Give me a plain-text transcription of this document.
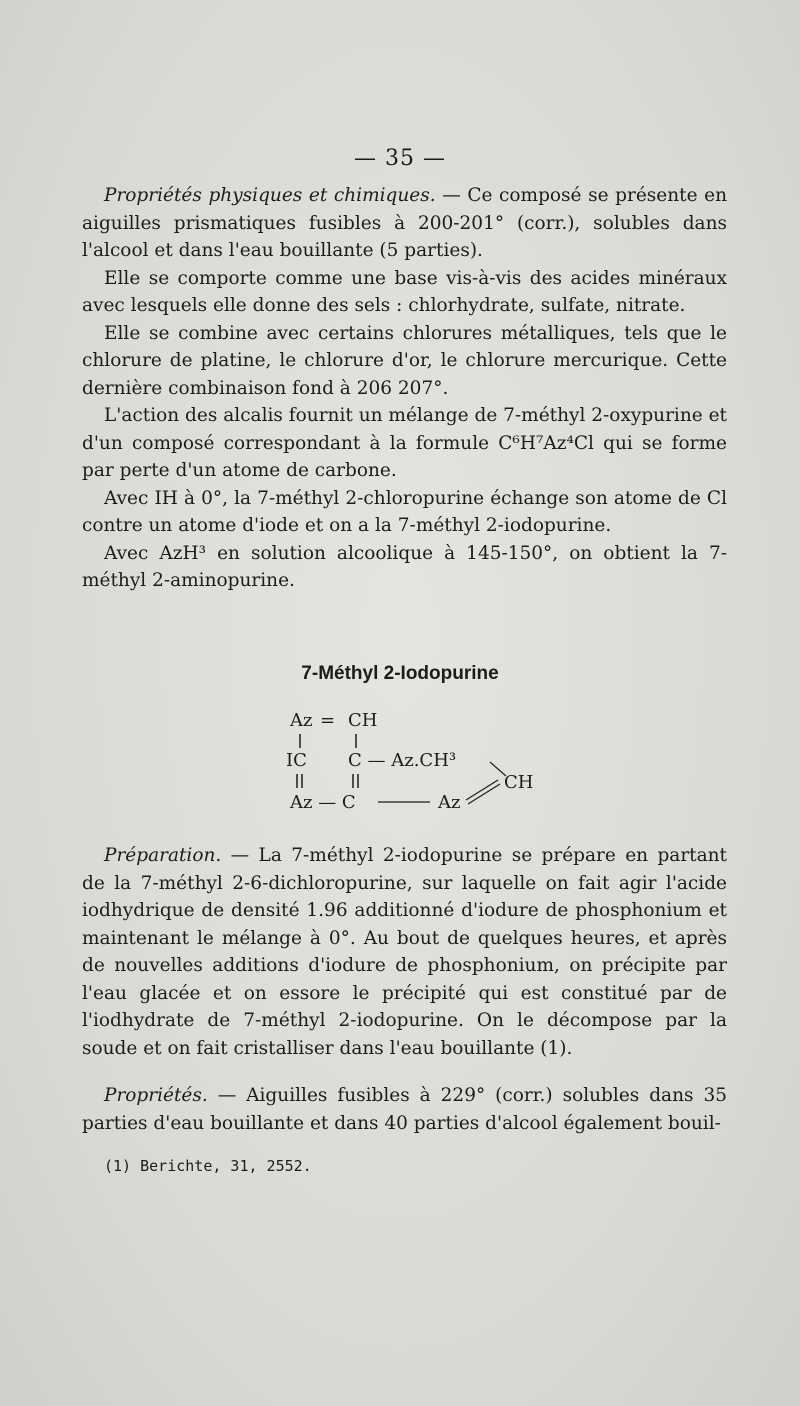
— 35 —

Propriétés physiques et chimiques. — Ce composé se présente en aiguilles prismatiques fusibles à 200-201° (corr.), solubles dans l'alcool et dans l'eau bouillante (5 parties).

Elle se comporte comme une base vis-à-vis des acides minéraux avec lesquels elle donne des sels : chlorhydrate, sulfate, nitrate.

Elle se combine avec certains chlorures métalliques, tels que le chlorure de platine, le chlorure d'or, le chlorure mercurique. Cette dernière combinaison fond à 206 207°.

L'action des alcalis fournit un mélange de 7-méthyl 2-oxypurine et d'un composé correspondant à la formule C⁶H⁷Az⁴Cl qui se forme par perte d'un atome de carbone.

Avec IH à 0°, la 7-méthyl 2-chloropurine échange son atome de Cl contre un atome d'iode et on a la 7-méthyl 2-iodopurine.

Avec AzH³ en solution alcoolique à 145-150°, on obtient la 7-méthyl 2-aminopurine.

7-Méthyl 2-Iodopurine
Az = CH
IC C — Az.CH³
CH
Az — C	Az

Préparation. — La 7-méthyl 2-iodopurine se prépare en partant de la 7-méthyl 2-6-dichloropurine, sur laquelle on fait agir l'acide iodhydrique de densité 1.96 additionné d'iodure de phosphonium et maintenant le mélange à 0°. Au bout de quelques heures, et après de nouvelles additions d'iodure de phosphonium, on précipite par l'eau glacée et on essore le précipité qui est constitué par de l'iodhydrate de 7-méthyl 2-iodopurine. On le décompose par la soude et on fait cristalliser dans l'eau bouillante (1).

Propriétés. — Aiguilles fusibles à 229° (corr.) solubles dans 35 parties d'eau bouillante et dans 40 parties d'alcool également bouil-

(1) Berichte, 31, 2552.
